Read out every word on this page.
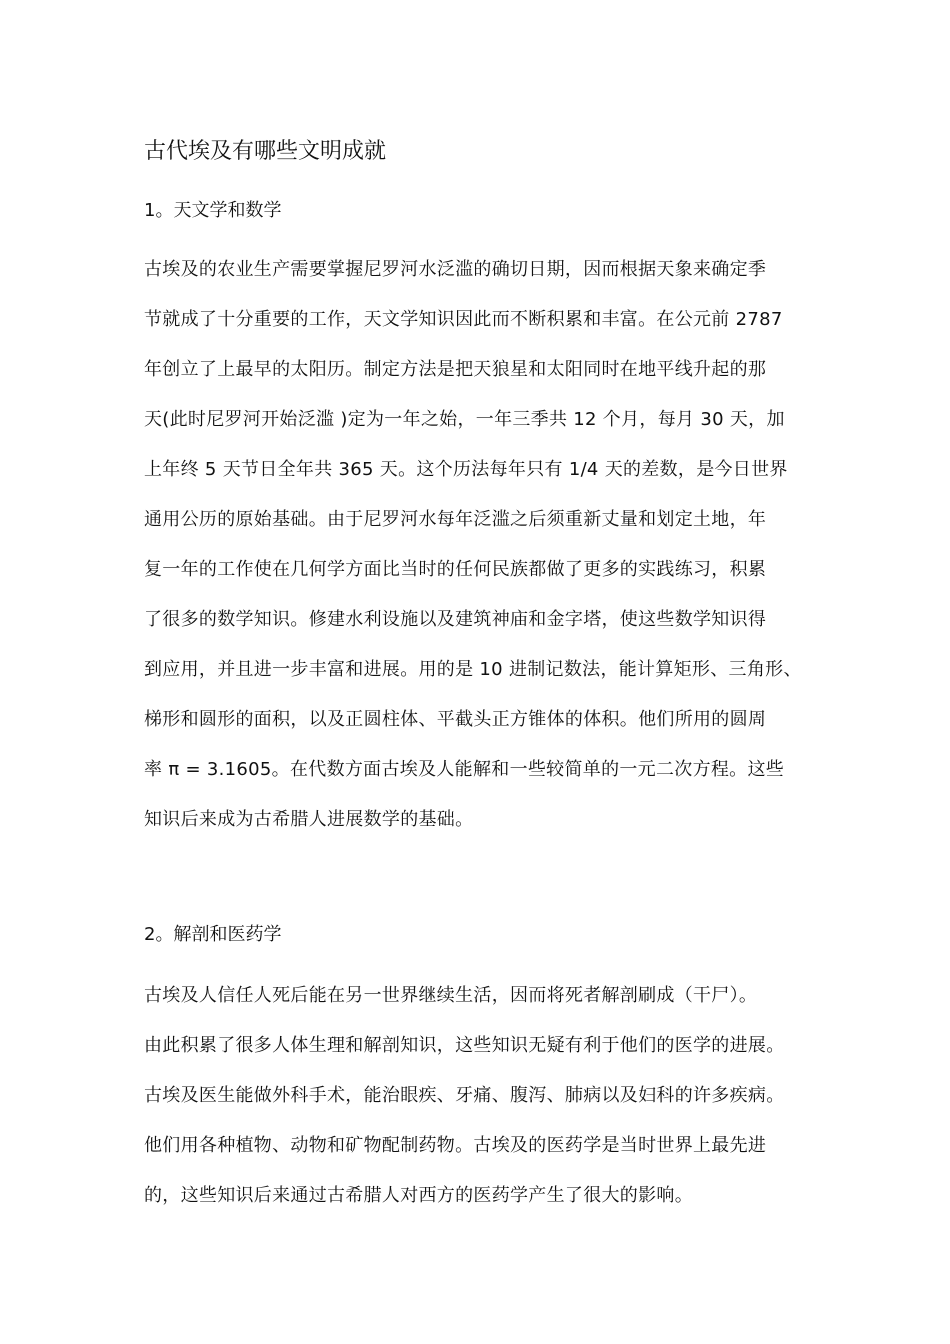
古代埃及有哪些文明成就
1。天文学和数学
古埃及的农业生产需要掌握尼罗河水泛滥的确切日期，因而根据天象来确定季
节就成了十分重要的工作，天文学知识因此而不断积累和丰富。在公元前 2787
年创立了上最早的太阳历。制定方法是把天狼星和太阳同时在地平线升起的那
天(此时尼罗河开始泛滥 )定为一年之始，一年三季共 12 个月，每月 30 天，加
上年终 5 天节日全年共 365 天。这个历法每年只有 1/4 天的差数，是今日世界
通用公历的原始基础。由于尼罗河水每年泛滥之后须重新丈量和划定土地，年
复一年的工作使在几何学方面比当时的任何民族都做了更多的实践练习，积累
了很多的数学知识。修建水利设施以及建筑神庙和金字塔，使这些数学知识得
到应用，并且进一步丰富和进展。用的是 10 进制记数法，能计算矩形、三角形、
梯形和圆形的面积，以及正圆柱体、平截头正方锥体的体积。他们所用的圆周
率 π = 3.1605。在代数方面古埃及人能解和一些较简单的一元二次方程。这些
知识后来成为古希腊人进展数学的基础。
2。解剖和医药学
古埃及人信任人死后能在另一世界继续生活，因而将死者解剖刷成（干尸）。
由此积累了很多人体生理和解剖知识，这些知识无疑有利于他们的医学的进展。
古埃及医生能做外科手术，能治眼疾、牙痛、腹泻、肺病以及妇科的许多疾病。
他们用各种植物、动物和矿物配制药物。古埃及的医药学是当时世界上最先进
的，这些知识后来通过古希腊人对西方的医药学产生了很大的影响。
